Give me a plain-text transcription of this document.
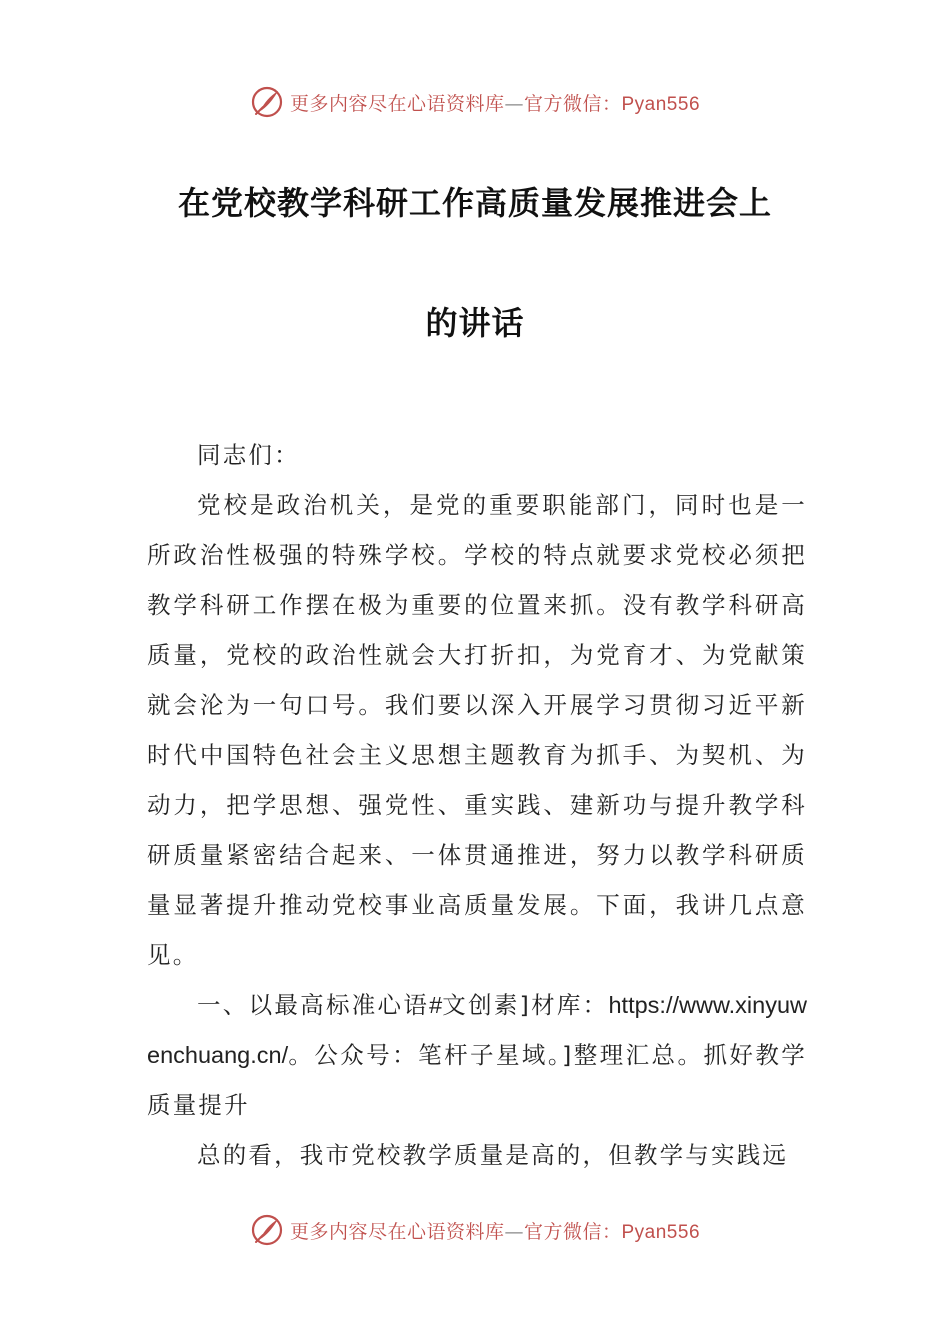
更多内容尽在心语资料库—官方微信：Pyan556
在党校教学科研工作高质量发展推进会上
的讲话

同志们：

党校是政治机关，是党的重要职能部门，同时也是一所政治性极强的特殊学校。学校的特点就要求党校必须把教学科研工作摆在极为重要的位置来抓。没有教学科研高质量，党校的政治性就会大打折扣，为党育才、为党献策就会沦为一句口号。我们要以深入开展学习贯彻习近平新时代中国特色社会主义思想主题教育为抓手、为契机、为动力，把学思想、强党性、重实践、建新功与提升教学科研质量紧密结合起来、一体贯通推进，努力以教学科研质量显著提升推动党校事业高质量发展。下面，我讲几点意见。

一、以最高标准心语#文创素]材库：https://www.xinyuwenchuang.cn/。公众号：笔杆子星域。]整理汇总。抓好教学质量提升

总的看，我市党校教学质量是高的，但教学与实践远

更多内容尽在心语资料库—官方微信：Pyan556
